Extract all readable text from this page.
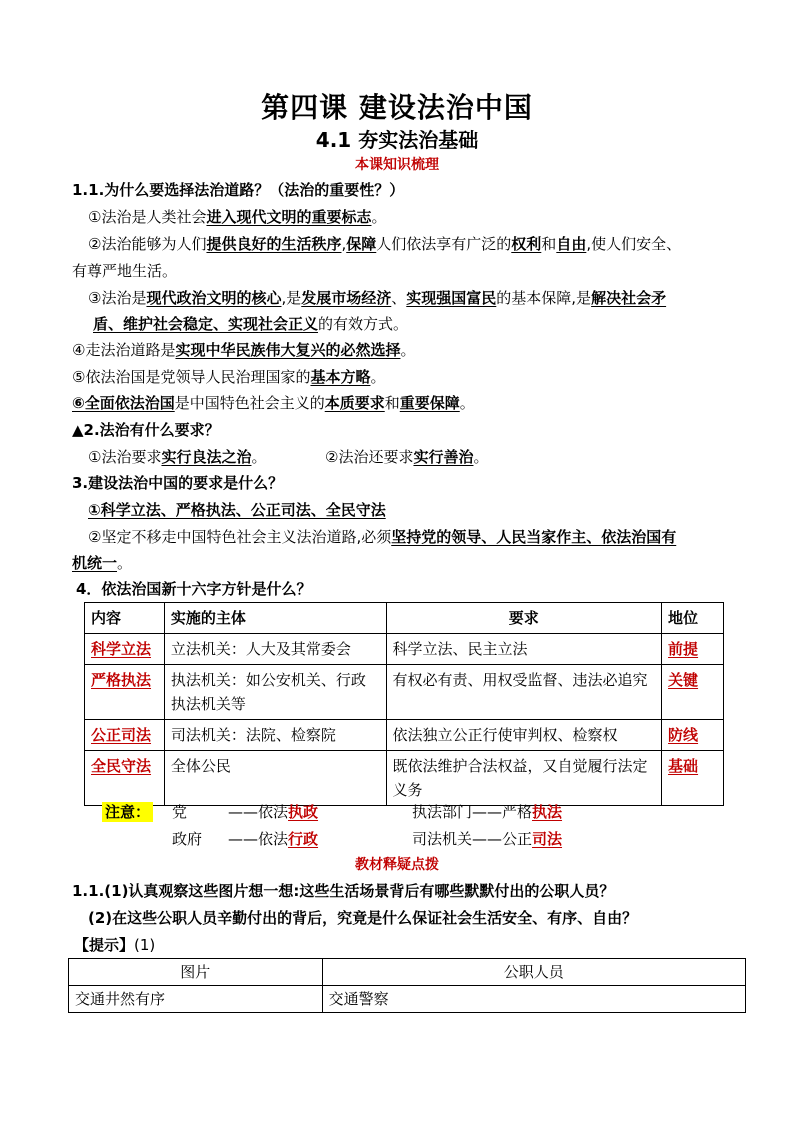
第四课 建设法治中国
4.1 夯实法治基础
本课知识梳理
1.1.为什么要选择法治道路？（法治的重要性？）
①法治是人类社会进入现代文明的重要标志。
②法治能够为人们提供良好的生活秩序,保障人们依法享有广泛的权利和自由,使人们安全、
有尊严地生活。
③法治是现代政治文明的核心,是发展市场经济、实现强国富民的基本保障,是解决社会矛
盾、维护社会稳定、实现社会正义的有效方式。
④走法治道路是实现中华民族伟大复兴的必然选择。
⑤依法治国是党领导人民治理国家的基本方略。
⑥全面依法治国是中国特色社会主义的本质要求和重要保障。
▲2.法治有什么要求？
①法治要求实行良法之治。	②法治还要求实行善治。
3.建设法治中国的要求是什么？
①科学立法、严格执法、公正司法、全民守法
②坚定不移走中国特色社会主义法治道路,必须坚持党的领导、人民当家作主、依法治国有
机统一。
4．依法治国新十六字方针是什么？
内容	实施的主体	要求	地位
科学立法	立法机关：人大及其常委会	科学立法、民主立法	前提
严格执法	执法机关：如公安机关、行政执法机关等	有权必有责、用权受监督、违法必追究	关键
公正司法	司法机关：法院、检察院	依法独立公正行使审判权、检察权	防线
全民守法	全体公民	既依法维护合法权益，又自觉履行法定义务	基础
注意： 党	——依法执政	执法部门——严格执法
政府 ——依法行政	司法机关——公正司法
教材释疑点拨
1.1.(1)认真观察这些图片想一想:这些生活场景背后有哪些默默付出的公职人员？
(2)在这些公职人员辛勤付出的背后，究竟是什么保证社会生活安全、有序、自由？
【提示】(1)
图片	公职人员
交通井然有序	交通警察
